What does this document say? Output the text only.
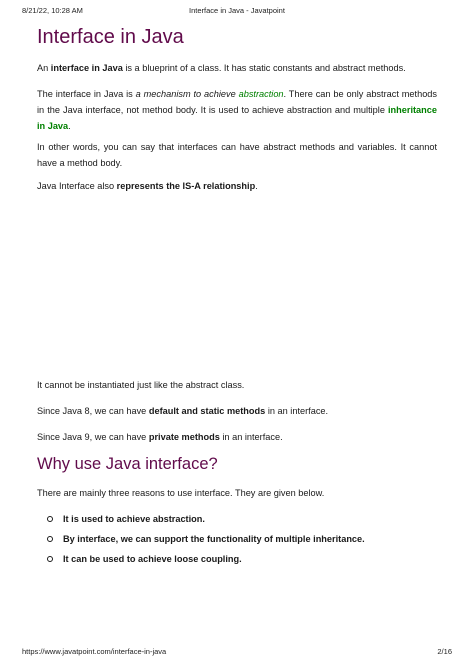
8/21/22, 10:28 AM	Interface in Java - Javatpoint
Interface in Java

An interface in Java is a blueprint of a class. It has static constants and abstract methods.

The interface in Java is a mechanism to achieve abstraction. There can be only abstract methods in the Java interface, not method body. It is used to achieve abstraction and multiple inheritance in Java.

In other words, you can say that interfaces can have abstract methods and variables. It cannot have a method body.

Java Interface also represents the IS-A relationship.

It cannot be instantiated just like the abstract class.

Since Java 8, we can have default and static methods in an interface.

Since Java 9, we can have private methods in an interface.

Why use Java interface?

There are mainly three reasons to use interface. They are given below.

It is used to achieve abstraction.
By interface, we can support the functionality of multiple inheritance.
It can be used to achieve loose coupling.
https://www.javatpoint.com/interface-in-java	2/16
